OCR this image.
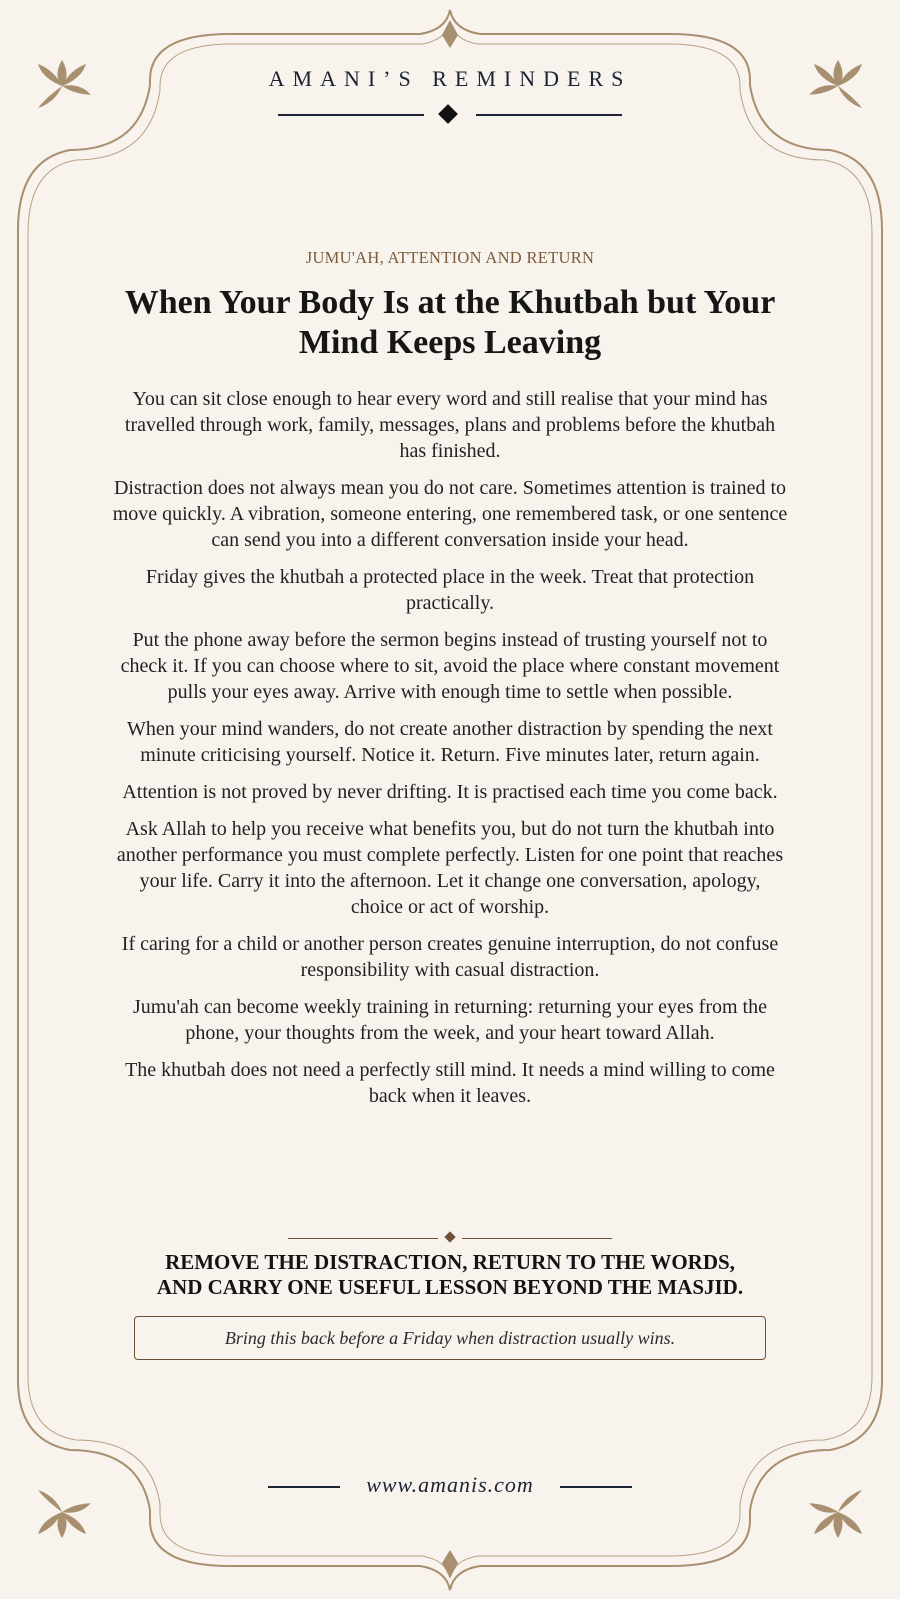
AMANI’S REMINDERS
JUMU'AH, ATTENTION AND RETURN
When Your Body Is at the Khutbah but Your Mind Keeps Leaving

You can sit close enough to hear every word and still realise that your mind has travelled through work, family, messages, plans and problems before the khutbah has finished.

Distraction does not always mean you do not care. Sometimes attention is trained to move quickly. A vibration, someone entering, one remembered task, or one sentence can send you into a different conversation inside your head.

Friday gives the khutbah a protected place in the week. Treat that protection practically.

Put the phone away before the sermon begins instead of trusting yourself not to check it. If you can choose where to sit, avoid the place where constant movement pulls your eyes away. Arrive with enough time to settle when possible.

When your mind wanders, do not create another distraction by spending the next minute criticising yourself. Notice it. Return. Five minutes later, return again.

Attention is not proved by never drifting. It is practised each time you come back.

Ask Allah to help you receive what benefits you, but do not turn the khutbah into another performance you must complete perfectly. Listen for one point that reaches your life. Carry it into the afternoon. Let it change one conversation, apology, choice or act of worship.

If caring for a child or another person creates genuine interruption, do not confuse responsibility with casual distraction.

Jumu'ah can become weekly training in returning: returning your eyes from the phone, your thoughts from the week, and your heart toward Allah.

The khutbah does not need a perfectly still mind. It needs a mind willing to come back when it leaves.

REMOVE THE DISTRACTION, RETURN TO THE WORDS,
AND CARRY ONE USEFUL LESSON BEYOND THE MASJID.
Bring this back before a Friday when distraction usually wins.
www.amanis.com
